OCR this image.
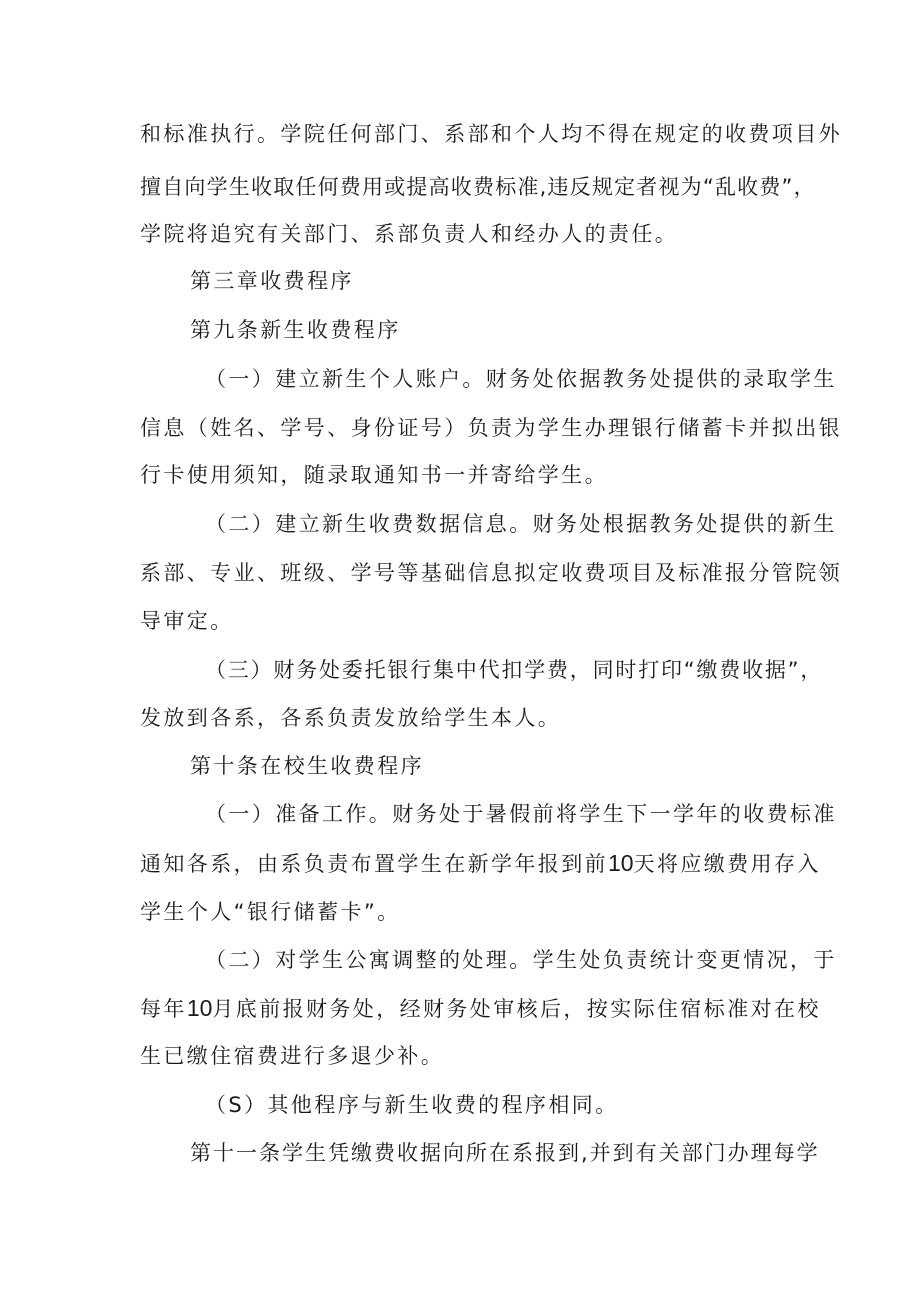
和标准执行。学院任何部门、系部和个人均不得在规定的收费项目外
擅自向学生收取任何费用或提高收费标准,违反规定者视为“乱收费”，
学院将追究有关部门、系部负责人和经办人的责任。
第三章收费程序
第九条新生收费程序
（一）建立新生个人账户。财务处依据教务处提供的录取学生
信息（姓名、学号、身份证号）负责为学生办理银行储蓄卡并拟出银
行卡使用须知，随录取通知书一并寄给学生。
（二）建立新生收费数据信息。财务处根据教务处提供的新生
系部、专业、班级、学号等基础信息拟定收费项目及标准报分管院领
导审定。
（三）财务处委托银行集中代扣学费，同时打印“缴费收据”，
发放到各系，各系负责发放给学生本人。
第十条在校生收费程序
（一）准备工作。财务处于暑假前将学生下一学年的收费标准
通知各系，由系负责布置学生在新学年报到前10天将应缴费用存入
学生个人“银行储蓄卡”。
（二）对学生公寓调整的处理。学生处负责统计变更情况，于
每年10月底前报财务处，经财务处审核后，按实际住宿标准对在校
生已缴住宿费进行多退少补。
（S）其他程序与新生收费的程序相同。
第十一条学生凭缴费收据向所在系报到,并到有关部门办理每学
